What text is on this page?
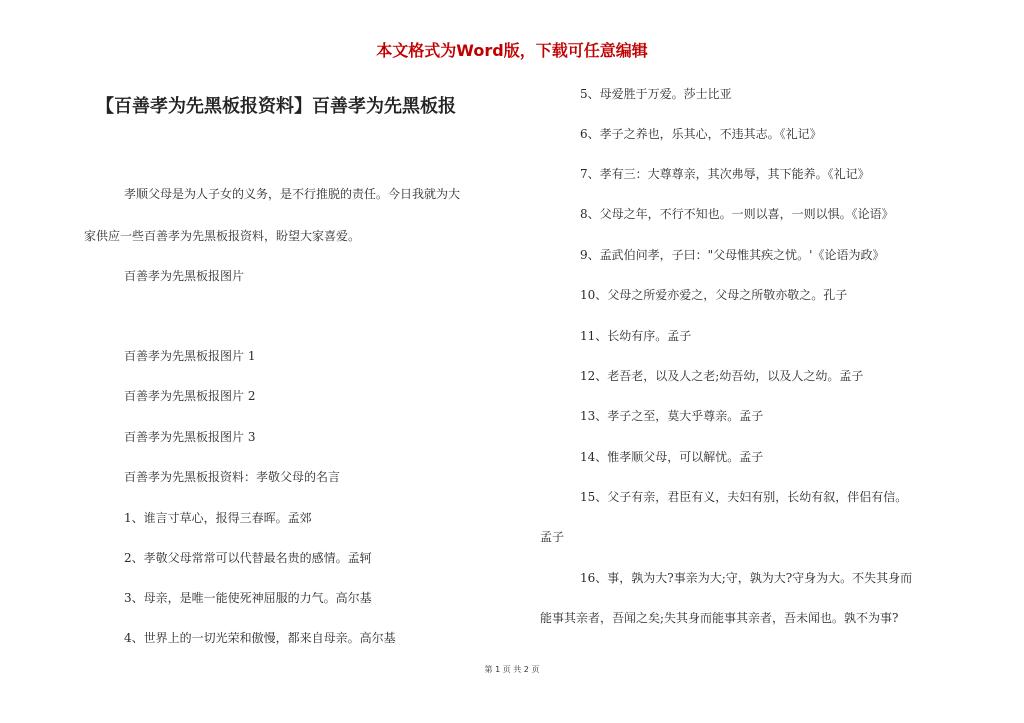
本文格式为Word版，下载可任意编辑
【百善孝为先黑板报资料】百善孝为先黑板报
孝顺父母是为人子女的义务，是不行推脱的责任。今日我就为大
家供应一些百善孝为先黑板报资料，盼望大家喜爱。
百善孝为先黑板报图片
百善孝为先黑板报图片 1
百善孝为先黑板报图片 2
百善孝为先黑板报图片 3
百善孝为先黑板报资料：孝敬父母的名言
1、谁言寸草心，报得三春晖。孟郊
2、孝敬父母常常可以代替最名贵的感情。孟轲
3、母亲，是唯一能使死神屈服的力气。高尔基
4、世界上的一切光荣和傲慢，都来自母亲。高尔基
5、母爱胜于万爱。莎士比亚
6、孝子之养也，乐其心，不违其志。《礼记》
7、孝有三：大尊尊亲，其次弗辱，其下能养。《礼记》
8、父母之年，不行不知也。一则以喜，一则以惧。《论语》
9、孟武伯问孝，子曰："父母惟其疾之忧。'《论语为政》
10、父母之所爱亦爱之，父母之所敬亦敬之。孔子
11、长幼有序。孟子
12、老吾老，以及人之老;幼吾幼，以及人之幼。孟子
13、孝子之至，莫大乎尊亲。孟子
14、惟孝顺父母，可以解忧。孟子
15、父子有亲，君臣有义，夫妇有别，长幼有叙，伴侣有信。
孟子
16、事，孰为大?事亲为大;守，孰为大?守身为大。不失其身而
能事其亲者，吾闻之矣;失其身而能事其亲者，吾未闻也。孰不为事?
第 1 页 共 2 页
